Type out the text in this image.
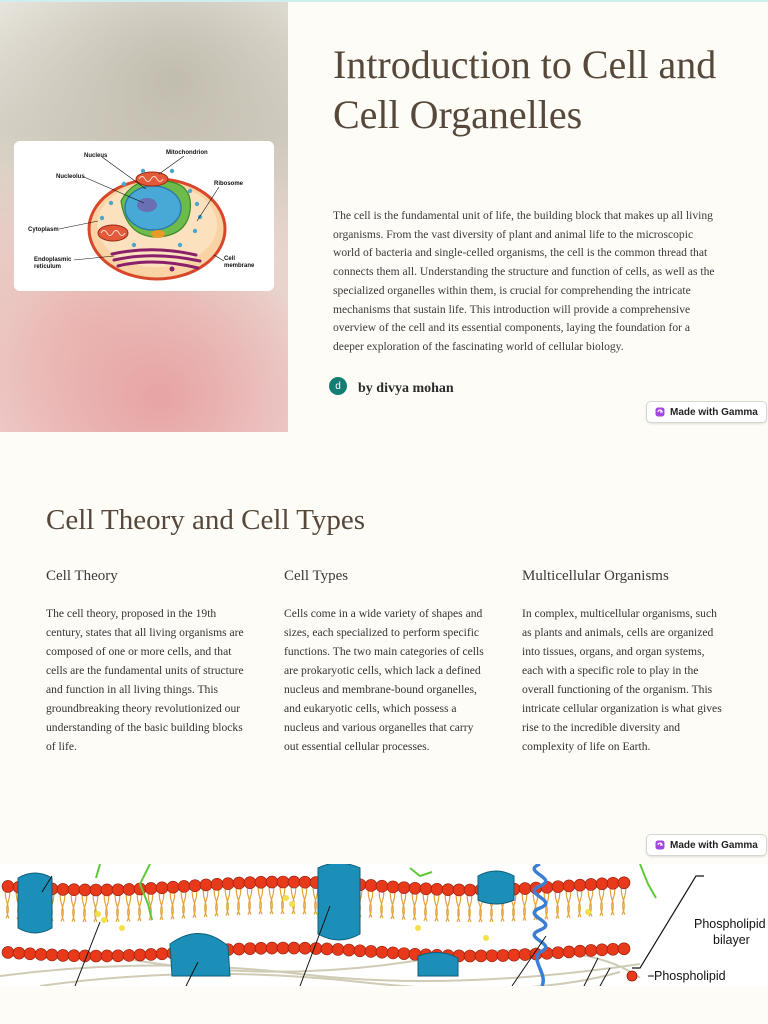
Nucleus	Mitochondrion
Nucleolus
Ribosome
Cytoplasm
Endoplasmic
reticulum
Cell
membrane
Introduction to Cell and Cell Organelles

The cell is the fundamental unit of life, the building block that makes up all living organisms. From the vast diversity of plant and animal life to the microscopic world of bacteria and single-celled organisms, the cell is the common thread that connects them all. Understanding the structure and function of cells, as well as the specialized organelles within them, is crucial for comprehending the intricate mechanisms that sustain life. This introduction will provide a comprehensive overview of the cell and its essential components, laying the foundation for a deeper exploration of the fascinating world of cellular biology.

d	by divya mohan
Made with Gamma
Cell Theory and Cell Types
Cell Theory

The cell theory, proposed in the 19th century, states that all living organisms are composed of one or more cells, and that cells are the fundamental units of structure and function in all living things. This groundbreaking theory revolutionized our understanding of the basic building blocks of life.

Cell Types

Cells come in a wide variety of shapes and sizes, each specialized to perform specific functions. The two main categories of cells are prokaryotic cells, which lack a defined nucleus and membrane-bound organelles, and eukaryotic cells, which possess a nucleus and various organelles that carry out essential cellular processes.

Multicellular Organisms

In complex, multicellular organisms, such as plants and animals, cells are organized into tissues, organs, and organ systems, each with a specific role to play in the overall functioning of the organism. This intricate cellular organization is what gives rise to the incredible diversity and complexity of life on Earth.

Made with Gamma
Phospholipid
bilayer
Phospholipid
